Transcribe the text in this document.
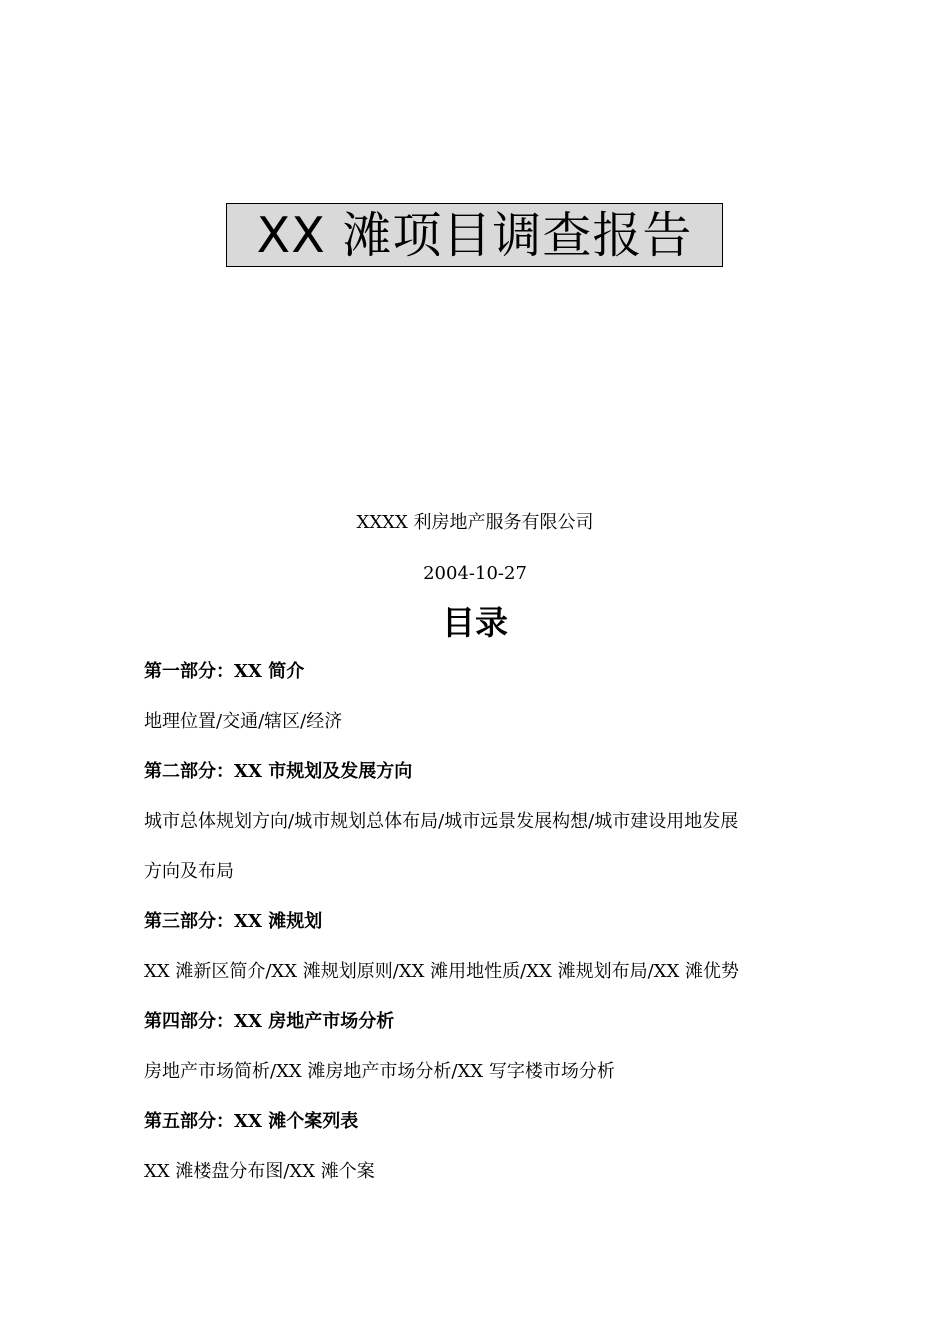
XX 滩项目调查报告
XXXX 利房地产服务有限公司
2004-10-27
目录
第一部分：XX 简介
地理位置/交通/辖区/经济
第二部分：XX 市规划及发展方向
城市总体规划方向/城市规划总体布局/城市远景发展构想/城市建设用地发展
方向及布局
第三部分：XX 滩规划
XX 滩新区简介/XX 滩规划原则/XX 滩用地性质/XX 滩规划布局/XX 滩优势
第四部分：XX 房地产市场分析
房地产市场简析/XX 滩房地产市场分析/XX 写字楼市场分析
第五部分：XX 滩个案列表
XX 滩楼盘分布图/XX 滩个案
